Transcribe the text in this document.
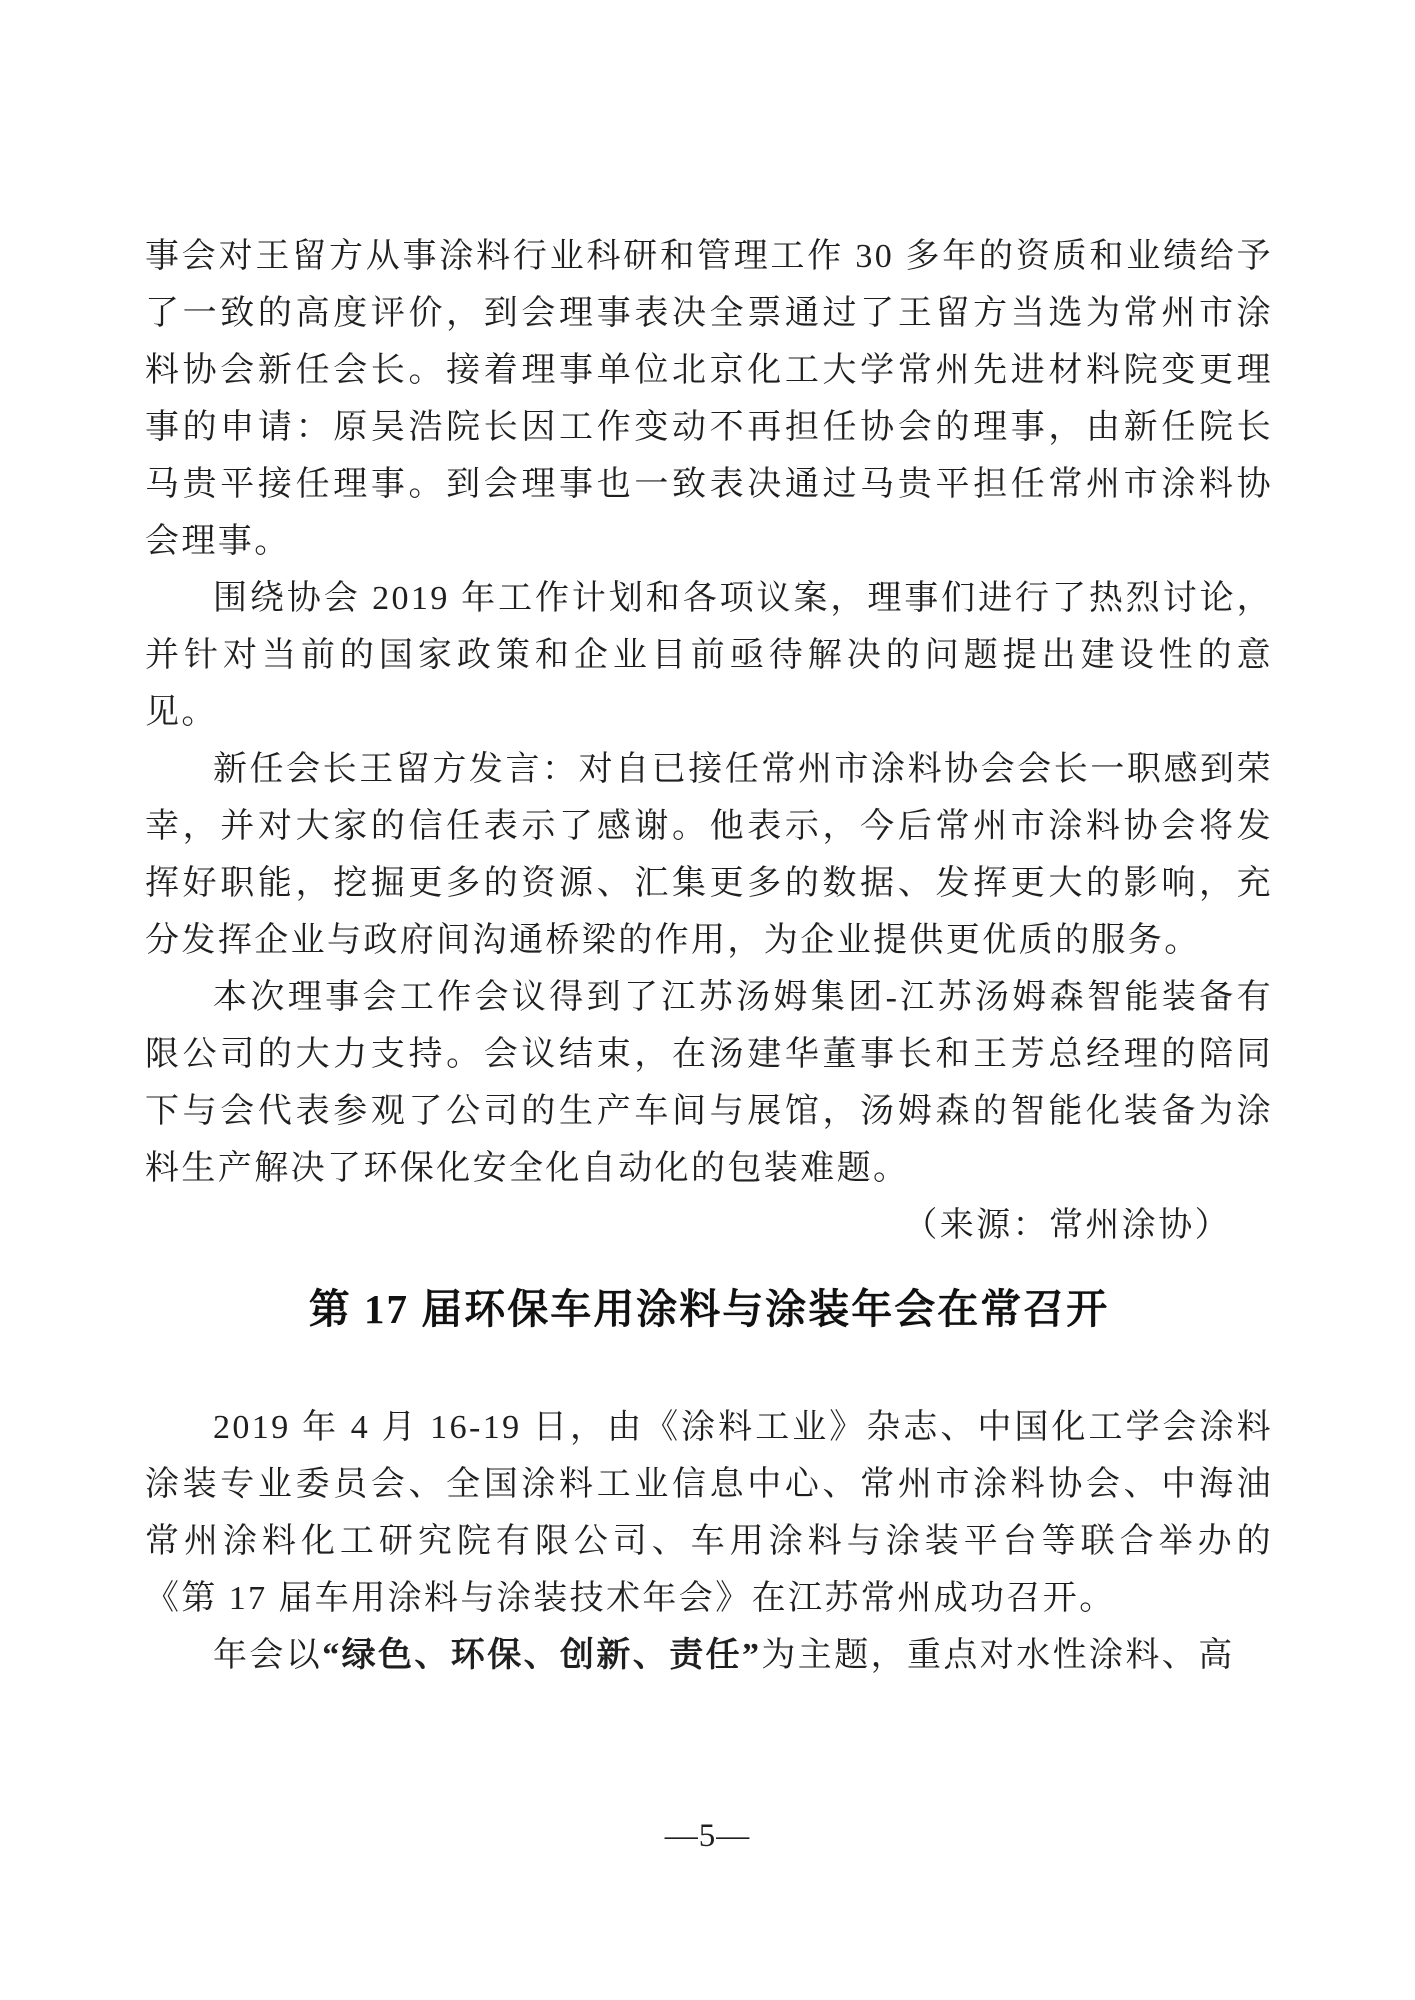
事会对王留方从事涂料行业科研和管理工作 30 多年的资质和业绩给予了一致的高度评价，到会理事表决全票通过了王留方当选为常州市涂料协会新任会长。接着理事单位北京化工大学常州先进材料院变更理事的申请：原吴浩院长因工作变动不再担任协会的理事，由新任院长马贵平接任理事。到会理事也一致表决通过马贵平担任常州市涂料协会理事。

围绕协会 2019 年工作计划和各项议案，理事们进行了热烈讨论，并针对当前的国家政策和企业目前亟待解决的问题提出建设性的意见。

新任会长王留方发言：对自已接任常州市涂料协会会长一职感到荣幸，并对大家的信任表示了感谢。他表示，今后常州市涂料协会将发挥好职能，挖掘更多的资源、汇集更多的数据、发挥更大的影响，充分发挥企业与政府间沟通桥梁的作用，为企业提供更优质的服务。

本次理事会工作会议得到了江苏汤姆集团-江苏汤姆森智能装备有限公司的大力支持。会议结束，在汤建华董事长和王芳总经理的陪同下与会代表参观了公司的生产车间与展馆，汤姆森的智能化装备为涂料生产解决了环保化安全化自动化的包装难题。

（来源：常州涂协）

第 17 届环保车用涂料与涂装年会在常召开

2019 年 4 月 16-19 日，由《涂料工业》杂志、中国化工学会涂料涂装专业委员会、全国涂料工业信息中心、常州市涂料协会、中海油常州涂料化工研究院有限公司、车用涂料与涂装平台等联合举办的《第 17 届车用涂料与涂装技术年会》在江苏常州成功召开。

年会以“绿色、环保、创新、责任”为主题，重点对水性涂料、高

—5—
